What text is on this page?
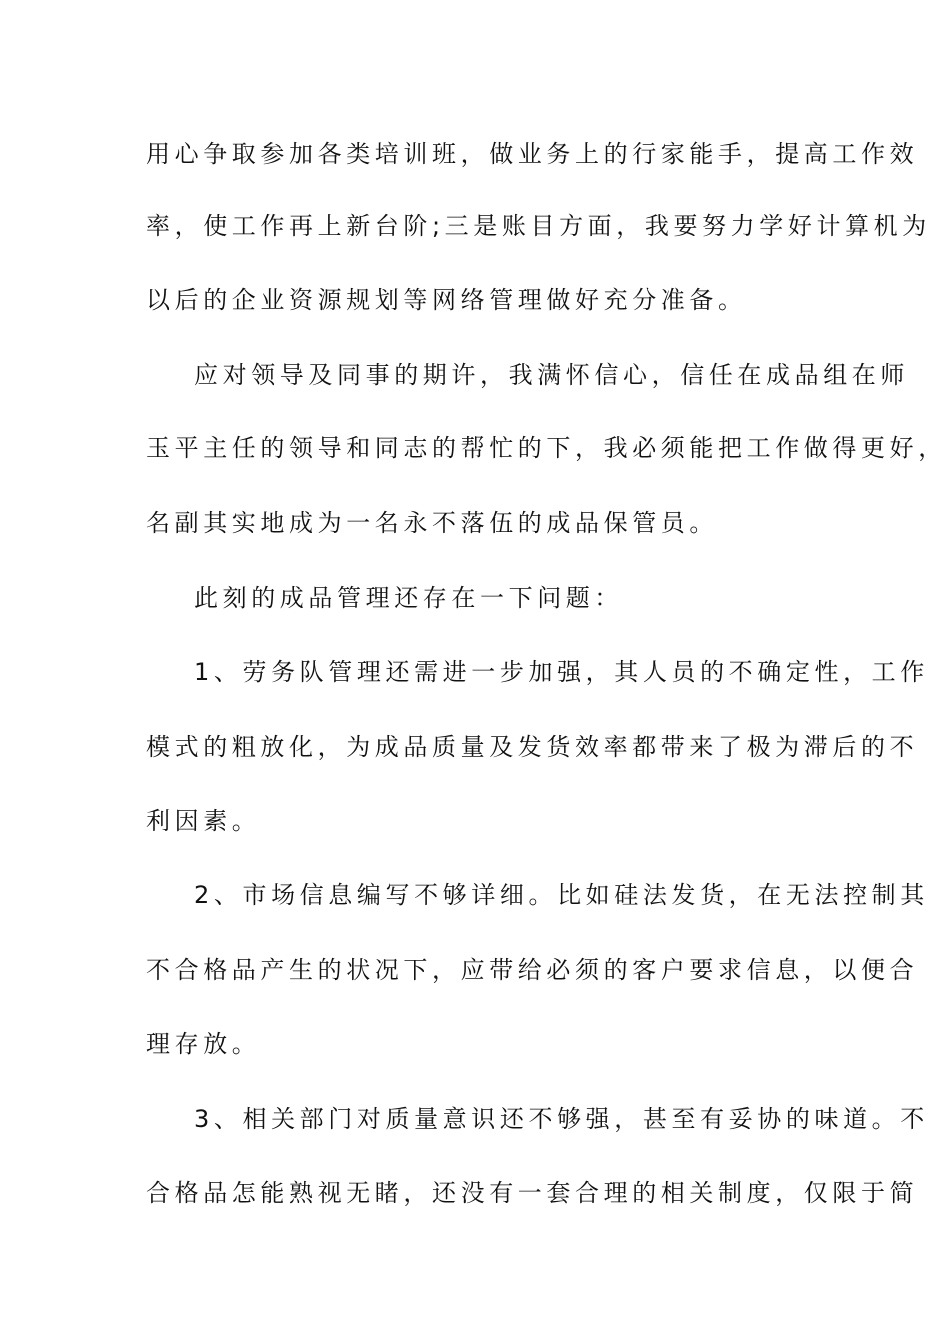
用心争取参加各类培训班，做业务上的行家能手，提高工作效
率，使工作再上新台阶;三是账目方面，我要努力学好计算机为
以后的企业资源规划等网络管理做好充分准备。
应对领导及同事的期许，我满怀信心，信任在成品组在师
玉平主任的领导和同志的帮忙的下，我必须能把工作做得更好，
名副其实地成为一名永不落伍的成品保管员。
此刻的成品管理还存在一下问题：
1、劳务队管理还需进一步加强，其人员的不确定性，工作
模式的粗放化，为成品质量及发货效率都带来了极为滞后的不
利因素。
2、市场信息编写不够详细。比如硅法发货，在无法控制其
不合格品产生的状况下，应带给必须的客户要求信息，以便合
理存放。
3、相关部门对质量意识还不够强，甚至有妥协的味道。不
合格品怎能熟视无睹，还没有一套合理的相关制度，仅限于简
